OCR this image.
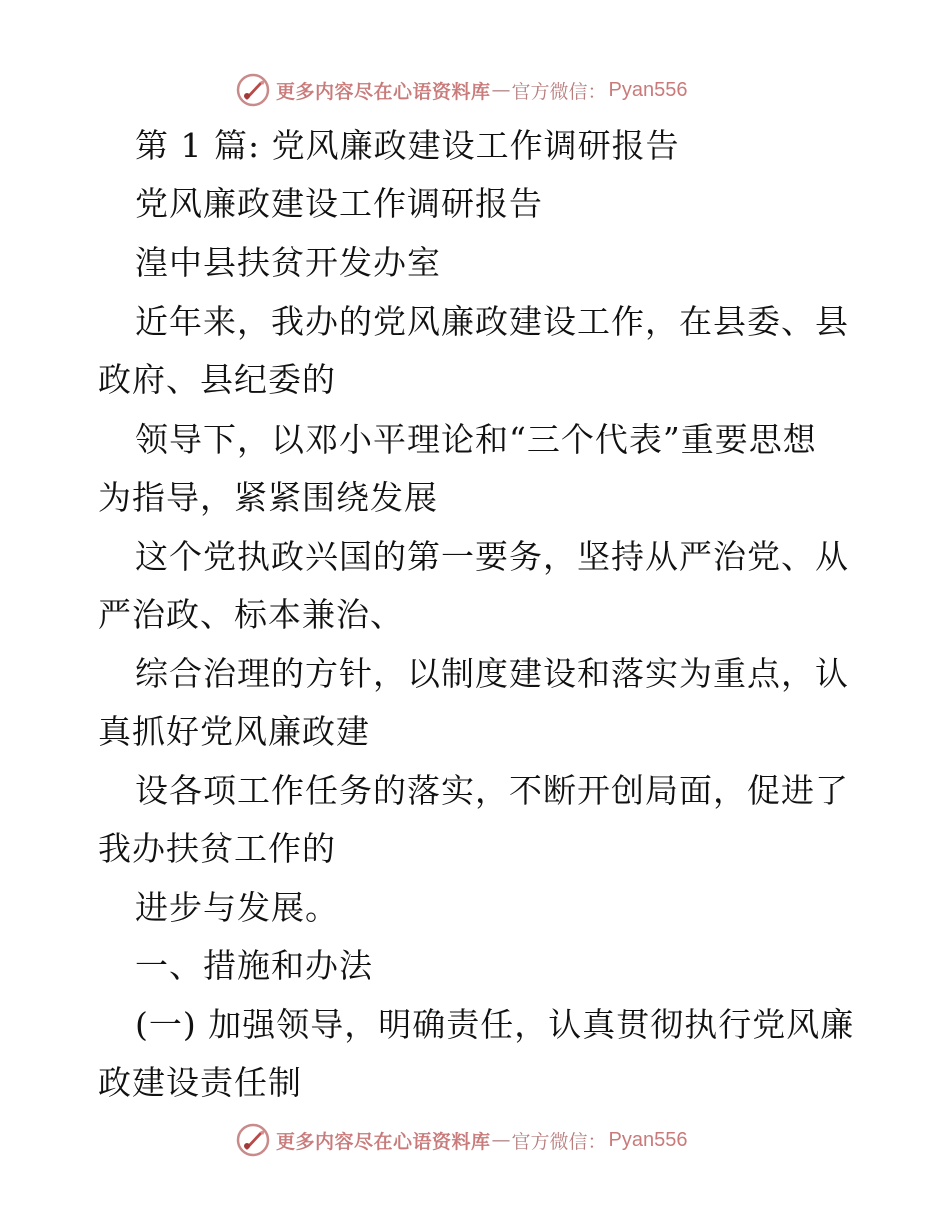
更多内容尽在心语资料库 — 官方微信： Pyan556
第 1 篇: 党风廉政建设工作调研报告
党风廉政建设工作调研报告
湟中县扶贫开发办室
近年来，我办的党风廉政建设工作，在县委、县
政府、县纪委的
领导下，以邓小平理论和“三个代表”重要思想
为指导，紧紧围绕发展
这个党执政兴国的第一要务，坚持从严治党、从
严治政、标本兼治、
综合治理的方针，以制度建设和落实为重点，认
真抓好党风廉政建
设各项工作任务的落实，不断开创局面，促进了
我办扶贫工作的
进步与发展。
一、措施和办法
(一) 加强领导，明确责任，认真贯彻执行党风廉
政建设责任制
更多内容尽在心语资料库 — 官方微信： Pyan556
